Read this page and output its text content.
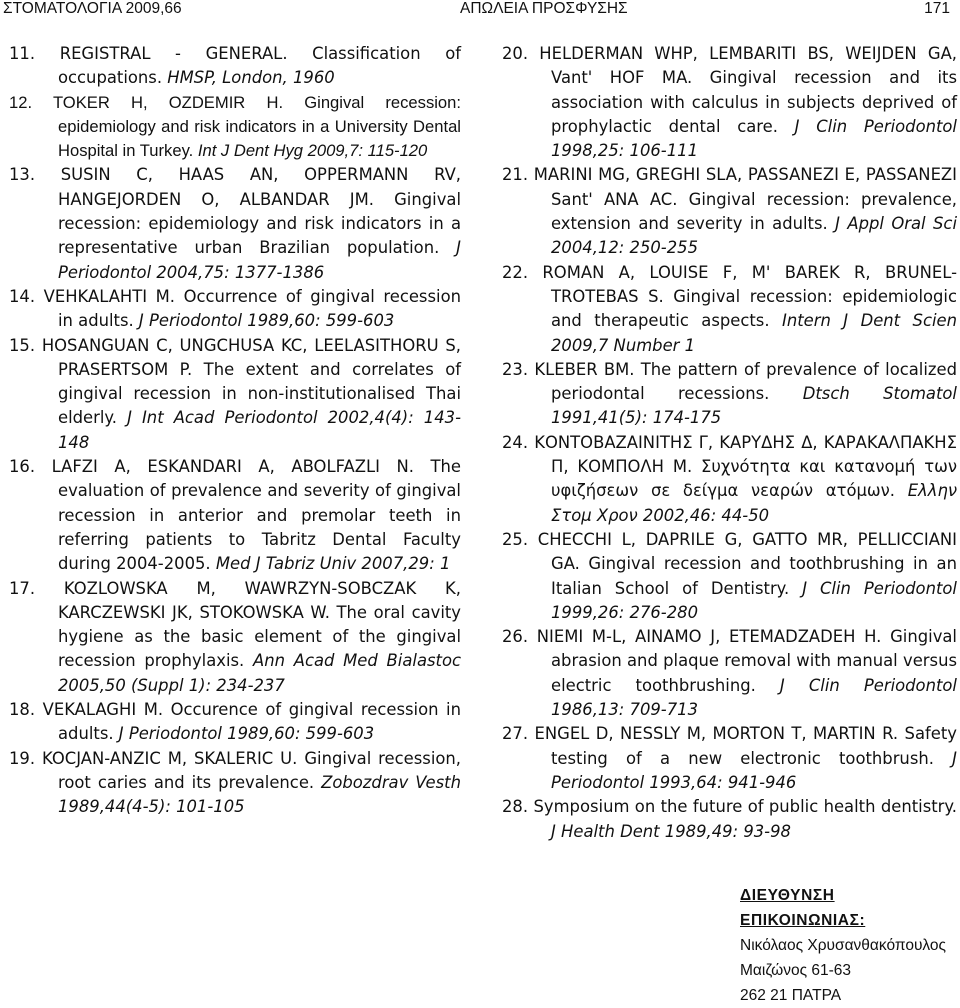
ΣΤΟΜΑΤΟΛΟΓΙΑ 2009,66	ΑΠΩΛΕΙΑ ΠΡΟΣΦΥΣΗΣ	171
11. REGISTRAL - GENERAL. Classification of occupations. HMSP, London, 1960
12. TOKER H, OZDEMIR H. Gingival recession: epidemiology and risk indicators in a University Dental Hospital in Turkey. Int J Dent Hyg 2009,7: 115-120
13. SUSIN C, HAAS AN, OPPERMANN RV, HANGEJORDEN O, ALBANDAR JM. Gingival recession: epidemiology and risk indicators in a representative urban Brazilian population. J Periodontol 2004,75: 1377-1386
14. VEHKALAHTI M. Occurrence of gingival recession in adults. J Periodontol 1989,60: 599-603
15. HOSANGUAN C, UNGCHUSA KC, LEELASITHORU S, PRASERTSOM P. The extent and correlates of gingival recession in non-institutionalised Thai elderly. J Int Acad Periodontol 2002,4(4): 143-148
16. LAFZI A, ESKANDARI A, ABOLFAZLI N. The evaluation of prevalence and severity of gingival recession in anterior and premolar teeth in referring patients to Tabritz Dental Faculty during 2004-2005. Med J Tabriz Univ 2007,29: 1
17. KOZLOWSKA M, WAWRZYN-SOBCZAK K, KARCZEWSKI JK, STOKOWSKA W. The oral cavity hygiene as the basic element of the gingival recession prophylaxis. Ann Acad Med Bialastoc 2005,50 (Suppl 1): 234-237
18. VEKALAGHI M. Occurence of gingival recession in adults. J Periodontol 1989,60: 599-603
19. KOCJAN-ANZIC M, SKALERIC U. Gingival recession, root caries and its prevalence. Zobozdrav Vesth 1989,44(4-5): 101-105
20. HELDERMAN WHP, LEMBARITI BS, WEIJDEN GA, Vant' HOF MA. Gingival recession and its association with calculus in subjects deprived of prophylactic dental care. J Clin Periodontol 1998,25: 106-111
21. MARINI MG, GREGHI SLA, PASSANEZI E, PASSANEZI Sant' ANA AC. Gingival recession: prevalence, extension and severity in adults. J Appl Oral Sci 2004,12: 250-255
22. ROMAN A, LOUISE F, M' BAREK R, BRUNEL-TROTEBAS S. Gingival recession: epidemiologic and therapeutic aspects. Intern J Dent Scien 2009,7 Number 1
23. KLEBER BM. The pattern of prevalence of localized periodontal recessions. Dtsch Stomatol 1991,41(5): 174-175
24. ΚΟΝΤΟΒΑΖΑΙΝΙΤΗΣ Γ, ΚΑΡΥΔΗΣ Δ, ΚΑΡΑΚΑΛΠΑΚΗΣ Π, ΚΟΜΠΟΛΗ Μ. Συχνότητα και κατανομή των υφιζήσεων σε δείγμα νεαρών ατόμων. Ελλην Στομ Χρον 2002,46: 44-50
25. CHECCHI L, DAPRILE G, GATTO MR, PELLICCIANI GA. Gingival recession and toothbrushing in an Italian School of Dentistry. J Clin Periodontol 1999,26: 276-280
26. NIEMI M-L, AINAMO J, ETEMADZADEH H. Gingival abrasion and plaque removal with manual versus electric toothbrushing. J Clin Periodontol 1986,13: 709-713
27. ENGEL D, NESSLY M, MORTON T, MARTIN R. Safety testing of a new electronic toothbrush. J Periodontol 1993,64: 941-946
28. Symposium on the future of public health dentistry. J Health Dent 1989,49: 93-98
ΔΙΕΥΘΥΝΣΗ ΕΠΙΚΟΙΝΩΝΙΑΣ:
Νικόλαος Χρυσανθακόπουλος
Μαιζώνος 61-63
262 21 ΠΑΤΡΑ
